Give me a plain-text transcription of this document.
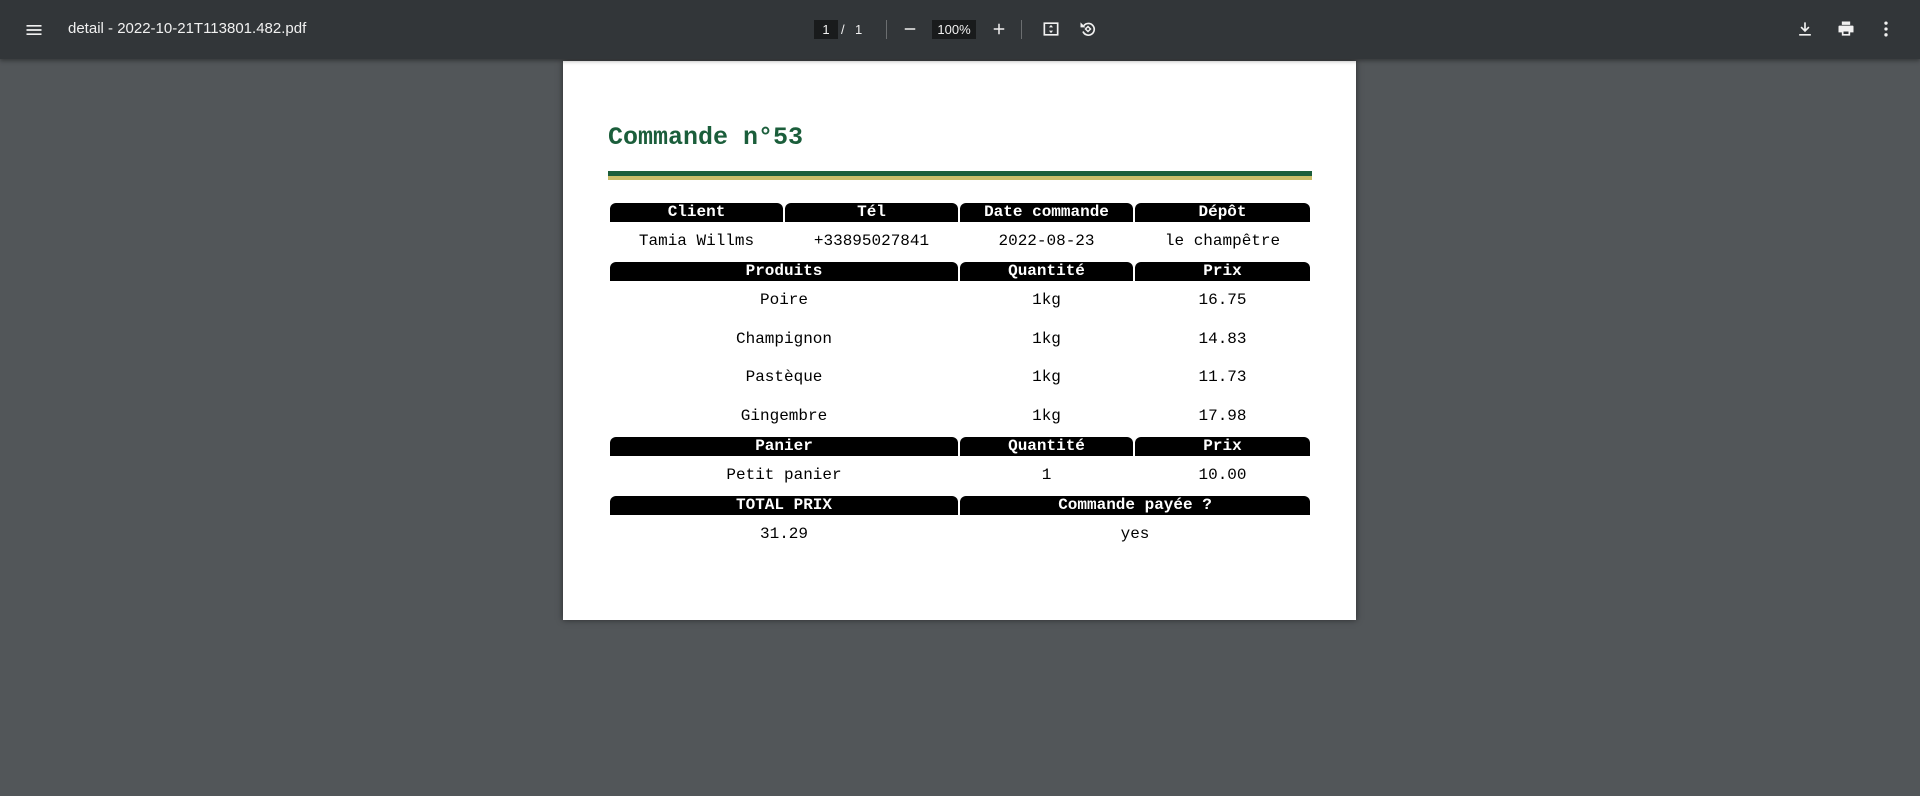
detail - 2022-10-21T113801.482.pdf
1	/ 1
100%
Commande n°53
Client	Tél	Date commande	Dépôt
Tamia Willms	+33895027841	2022-08-23	le champêtre
Produits	Quantité	Prix
Poire	1kg	16.75
Champignon	1kg	14.83
Pastèque	1kg	11.73
Gingembre	1kg	17.98
Panier	Quantité	Prix
Petit panier	1	10.00
TOTAL PRIX	Commande payée ?
31.29	yes
